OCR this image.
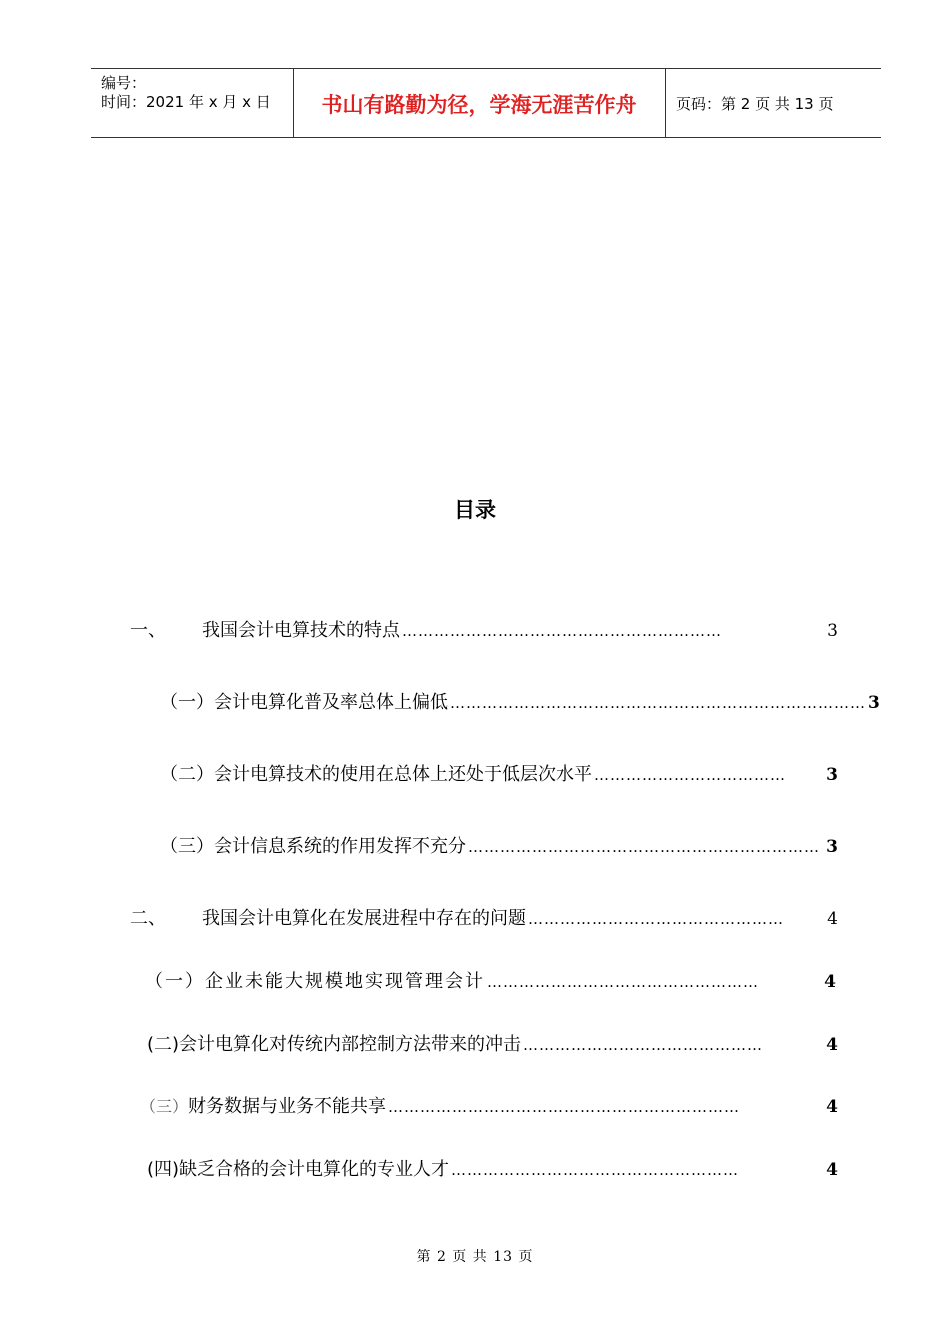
编号：
时间：2021 年 x 月 x 日	书山有路勤为径，学海无涯苦作舟	页码：第 2 页 共 13 页
目录
一、	我国会计电算技术的特点 ……………………………………………………	3
（一） 会计电算化普及率总体上偏低 …………………………………………………………………… 3
（二） 会计电算技术的使用在总体上还处于低层次水平 ………………………………	3
（三） 会计信息系统的作用发挥不充分 ………………………………………………………… 3
二、	我国会计电算化在发展进程中存在的问题 …………………………………………	4
（一） 企业未能大规模地实现管理会计 ……………………………………………	4
(二) 会计电算化对传统内部控制方法带来的冲击 ………………………………………	4
（三） 财务数据与业务不能共享 …………………………………………………………	4
(四) 缺乏合格的会计电算化的专业人才 ………………………………………………	4
第 2 页 共 13 页
